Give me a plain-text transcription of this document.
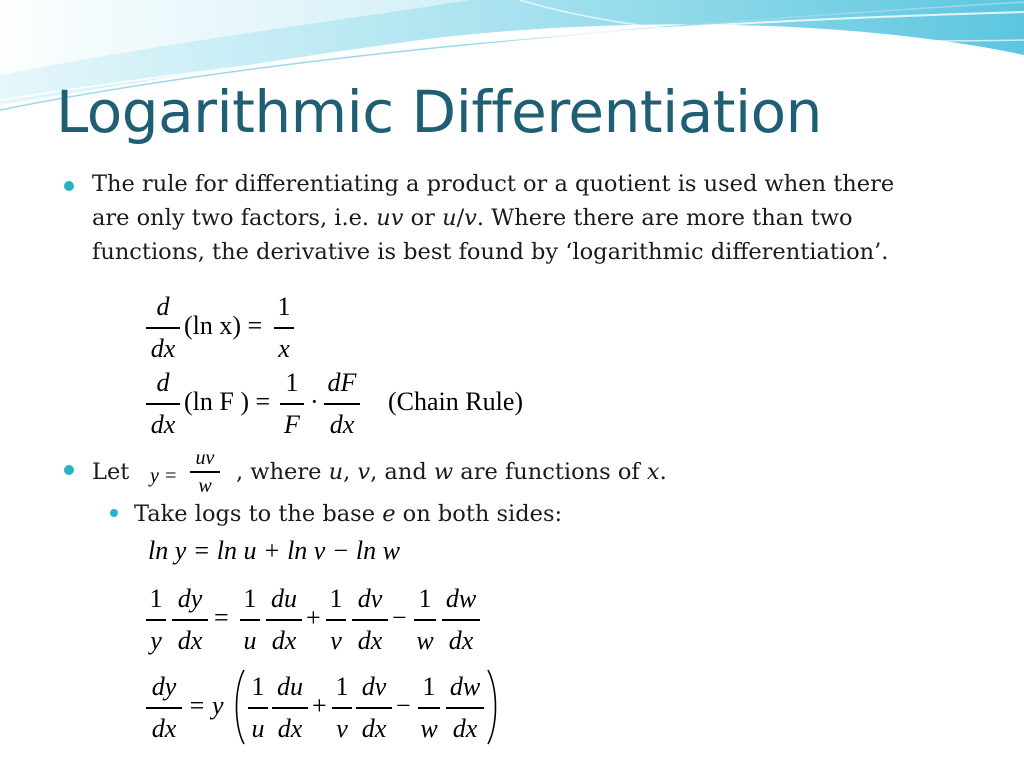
Logarithmic Differentiation
The rule for differentiating a product or a quotient is used when there
are only two factors, i.e. uv or u/v. Where there are more than two
functions, the derivative is best found by ‘logarithmic differentiation’.
d
dx
(ln x) =
1
x
d
dx
(ln F ) =
1
F
·
dF
dx
(Chain Rule)
Let y =
uv
w
, where u, v, and w are functions of x.
Take logs to the base e on both sides:
ln y = ln u + ln v − ln w
1
y
dy
dx
=
1
u
du
dx
+
1
v
dv
dx
−
1
w
dw
dx
dy
dx
= y
1
u
du
dx
+
1
v
dv
dx
−
1
w
dw
dx
